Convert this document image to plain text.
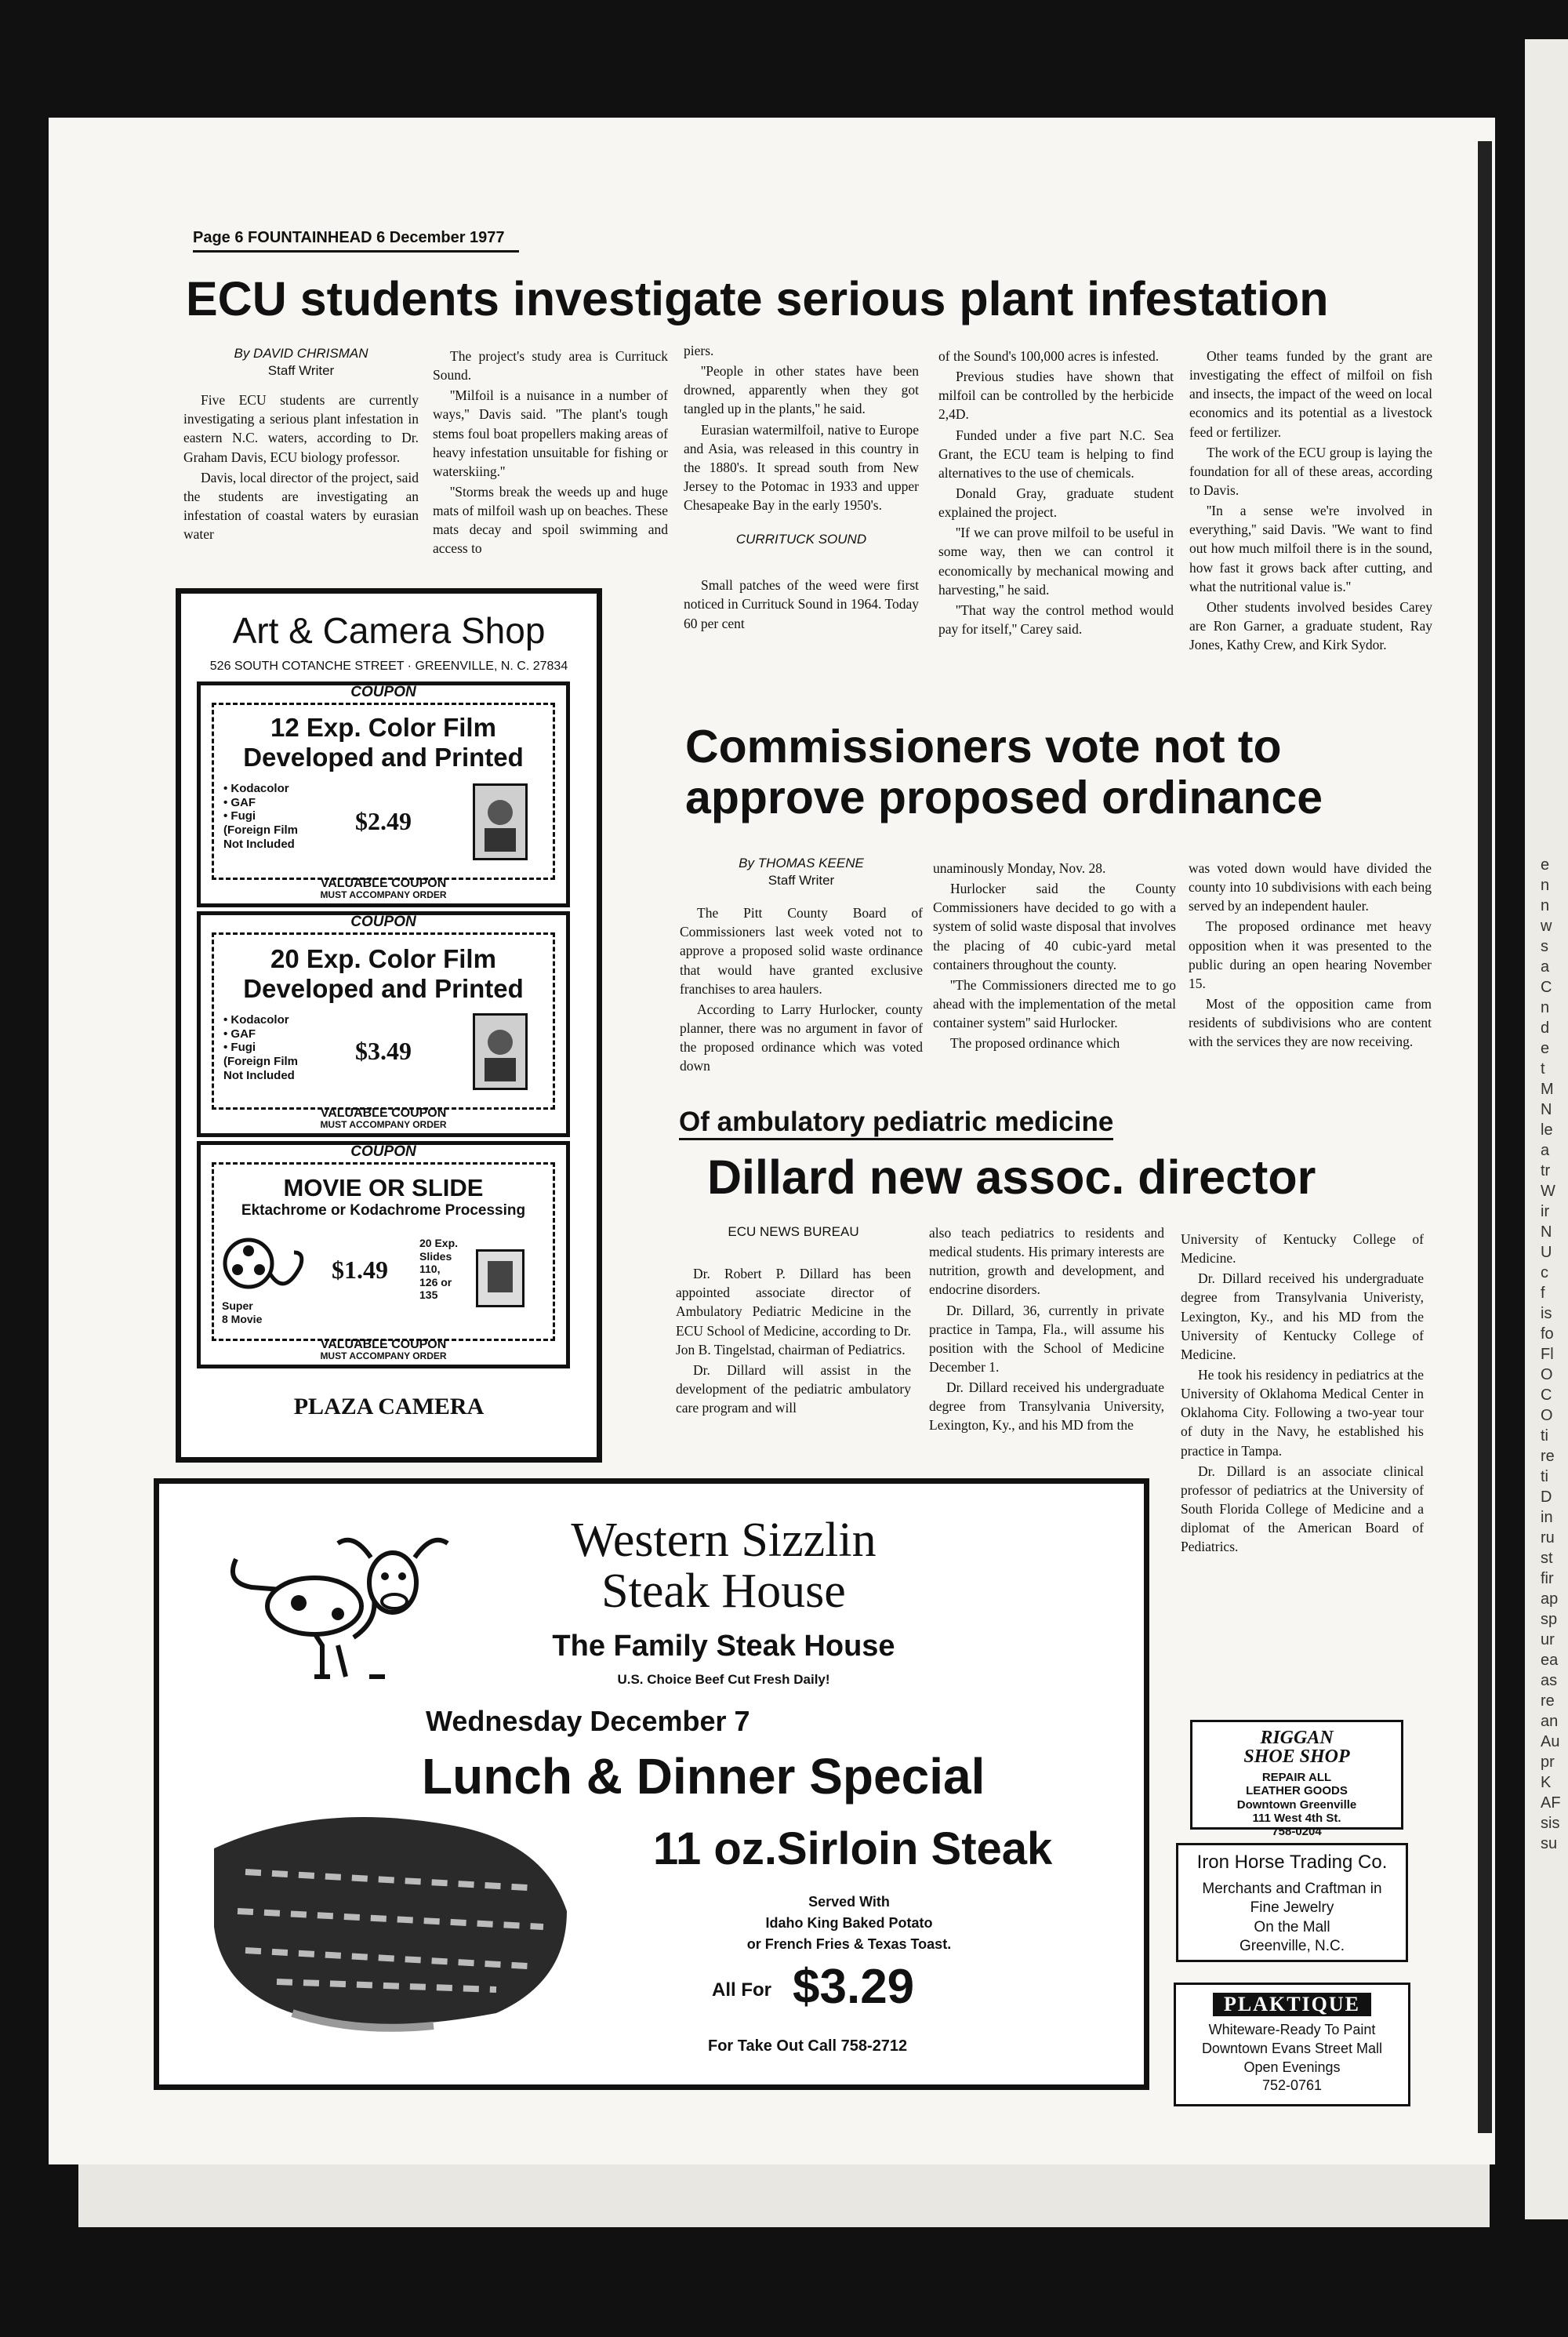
e
n
n
w
s
a
C
n
d
e
t
M
N
le
a
tr
W
ir
N
U
c
f
is
fo
Fl
O
C
O
ti
re
ti
D
in
ru
st
fir
ap
sp
ur
ea
as
re
an
Au
pr
K
AF
sis
su
Page 6 FOUNTAINHEAD 6 December 1977
ECU students investigate serious plant infestation
By DAVID CHRISMAN
Staff Writer

Five ECU students are currently investigating a serious plant infestation in eastern N.C. waters, according to Dr. Graham Davis, ECU biology professor.

Davis, local director of the project, said the students are investigating an infestation of coastal waters by eurasian water

The project's study area is Currituck Sound.

''Milfoil is a nuisance in a number of ways,'' Davis said. ''The plant's tough stems foul boat propellers making areas of heavy infestation unsuitable for fishing or waterskiing.''

''Storms break the weeds up and huge mats of milfoil wash up on beaches. These mats decay and spoil swimming and access to

piers.

''People in other states have been drowned, apparently when they got tangled up in the plants,'' he said.

Eurasian watermilfoil, native to Europe and Asia, was released in this country in the 1880's. It spread south from New Jersey to the Potomac in 1933 and upper Chesapeake Bay in the early 1950's.

CURRITUCK SOUND

Small patches of the weed were first noticed in Currituck Sound in 1964. Today 60 per cent

of the Sound's 100,000 acres is infested.

Previous studies have shown that milfoil can be controlled by the herbicide 2,4D.

Funded under a five part N.C. Sea Grant, the ECU team is helping to find alternatives to the use of chemicals.

Donald Gray, graduate student explained the project.

''If we can prove milfoil to be useful in some way, then we can control it economically by mechanical mowing and harvesting,'' he said.

''That way the control method would pay for itself,'' Carey said.

Other teams funded by the grant are investigating the effect of milfoil on fish and insects, the impact of the weed on local economics and its potential as a livestock feed or fertilizer.

The work of the ECU group is laying the foundation for all of these areas, according to Davis.

''In a sense we're involved in everything,'' said Davis. ''We want to find out how much milfoil there is in the sound, how fast it grows back after cutting, and what the nutritional value is.''

Other students involved besides Carey are Ron Garner, a graduate student, Ray Jones, Kathy Crew, and Kirk Sydor.

Art & Camera Shop
526 SOUTH COTANCHE STREET · GREENVILLE, N. C. 27834
COUPON
12 Exp. Color Film
Developed and Printed
• Kodacolor
• GAF
• Fugi
(Foreign Film
Not Included
$2.49
VALUABLE COUPON
MUST ACCOMPANY ORDER
COUPON
20 Exp. Color Film
Developed and Printed
• Kodacolor
• GAF
• Fugi
(Foreign Film
Not Included
$3.49
VALUABLE COUPON
MUST ACCOMPANY ORDER
COUPON
MOVIE OR SLIDE
Ektachrome or Kodachrome Processing
Super
8 Movie
$1.49
20 Exp.
Slides
110,
126 or
135
VALUABLE COUPON
MUST ACCOMPANY ORDER
PLAZA CAMERA
Commissioners vote not to
approve proposed ordinance
By THOMAS KEENE
Staff Writer

The Pitt County Board of Commissioners last week voted not to approve a proposed solid waste ordinance that would have granted exclusive franchises to area haulers.

According to Larry Hurlocker, county planner, there was no argument in favor of the proposed ordinance which was voted down

unaminously Monday, Nov. 28.

Hurlocker said the County Commissioners have decided to go with a system of solid waste disposal that involves the placing of 40 cubic-yard metal containers throughout the county.

''The Commissioners directed me to go ahead with the implementation of the metal container system'' said Hurlocker.

The proposed ordinance which

was voted down would have divided the county into 10 subdivisions with each being served by an independent hauler.

The proposed ordinance met heavy opposition when it was presented to the public during an open hearing November 15.

Most of the opposition came from residents of subdivisions who are content with the services they are now receiving.

Of ambulatory pediatric medicine
Dillard new assoc. director
ECU NEWS BUREAU

Dr. Robert P. Dillard has been appointed associate director of Ambulatory Pediatric Medicine in the ECU School of Medicine, according to Dr. Jon B. Tingelstad, chairman of Pediatrics.

Dr. Dillard will assist in the development of the pediatric ambulatory care program and will

also teach pediatrics to residents and medical students. His primary interests are nutrition, growth and development, and endocrine disorders.

Dr. Dillard, 36, currently in private practice in Tampa, Fla., will assume his position with the School of Medicine December 1.

Dr. Dillard received his undergraduate degree from Transylvania University, Lexington, Ky., and his MD from the

University of Kentucky College of Medicine.

Dr. Dillard received his undergraduate degree from Transylvania Univeristy, Lexington, Ky., and his MD from the University of Kentucky College of Medicine.

He took his residency in pediatrics at the University of Oklahoma Medical Center in Oklahoma City. Following a two-year tour of duty in the Navy, he established his practice in Tampa.

Dr. Dillard is an associate clinical professor of pediatrics at the University of South Florida College of Medicine and a diplomat of the American Board of Pediatrics.

Western Sizzlin
Steak House
The Family Steak House
U.S. Choice Beef Cut Fresh Daily!
Wednesday December 7
Lunch & Dinner Special
11 oz.Sirloin Steak
Served With
Idaho King Baked Potato
or French Fries & Texas Toast.
All For $3.29
For Take Out Call 758-2712
RIGGAN
SHOE SHOP
REPAIR ALL
LEATHER GOODS
Downtown Greenville
111 West 4th St.
758-0204
Iron Horse Trading Co.
Merchants and Craftman in
Fine Jewelry
On the Mall
Greenville, N.C.
PLAKTIQUE
Whiteware-Ready To Paint
Downtown Evans Street Mall
Open Evenings
752-0761
